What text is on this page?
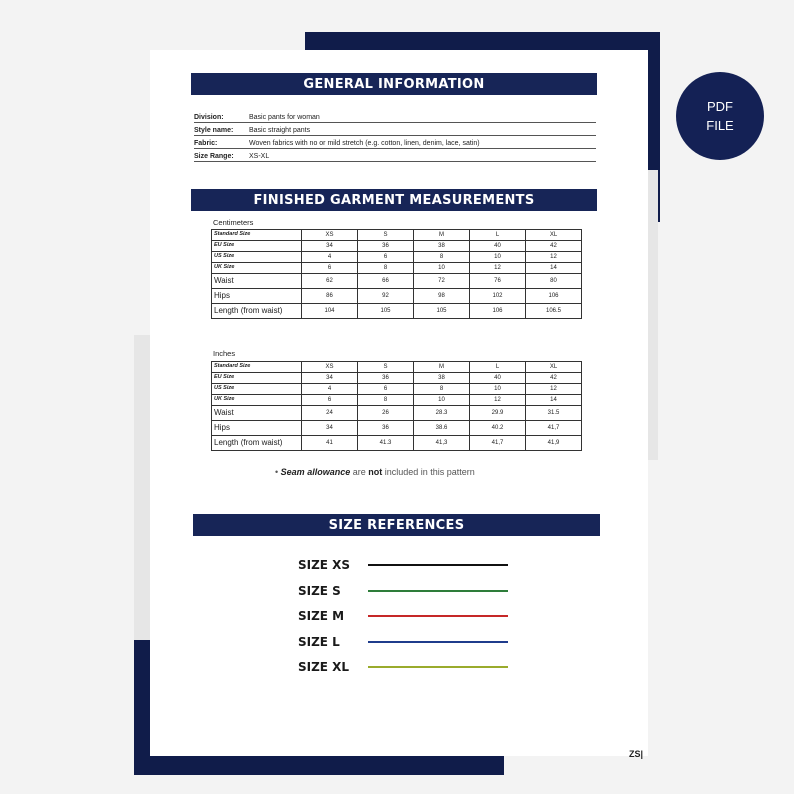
GENERAL INFORMATION
Division:	Basic pants for woman
Style name:	Basic straight pants
Fabric:	Woven fabrics with no or mild stretch (e.g. cotton, linen, denim, lace, satin)
Size Range:	XS-XL
FINISHED GARMENT MEASUREMENTS
Centimeters
Standard Size	XS	S	M	L	XL
EU Size	34	36	38	40	42
US Size	4	6	8	10	12
UK Size	6	8	10	12	14
Waist	62	66	72	76	80
Hips	86	92	98	102	106
Length (from waist)	104	105	105	106	106.5
Inches
Standard Size	XS	S	M	L	XL
EU Size	34	36	38	40	42
US Size	4	6	8	10	12
UK Size	6	8	10	12	14
Waist	24	26	28.3	29.9	31.5
Hips	34	36	38.6	40.2	41,7
Length (from waist)	41	41.3	41,3	41,7	41,9
• Seam allowance are not included in this pattern
SIZE REFERENCES
SIZE XS
SIZE S
SIZE M
SIZE L
SIZE XL
PDF
FILE
ZS|
